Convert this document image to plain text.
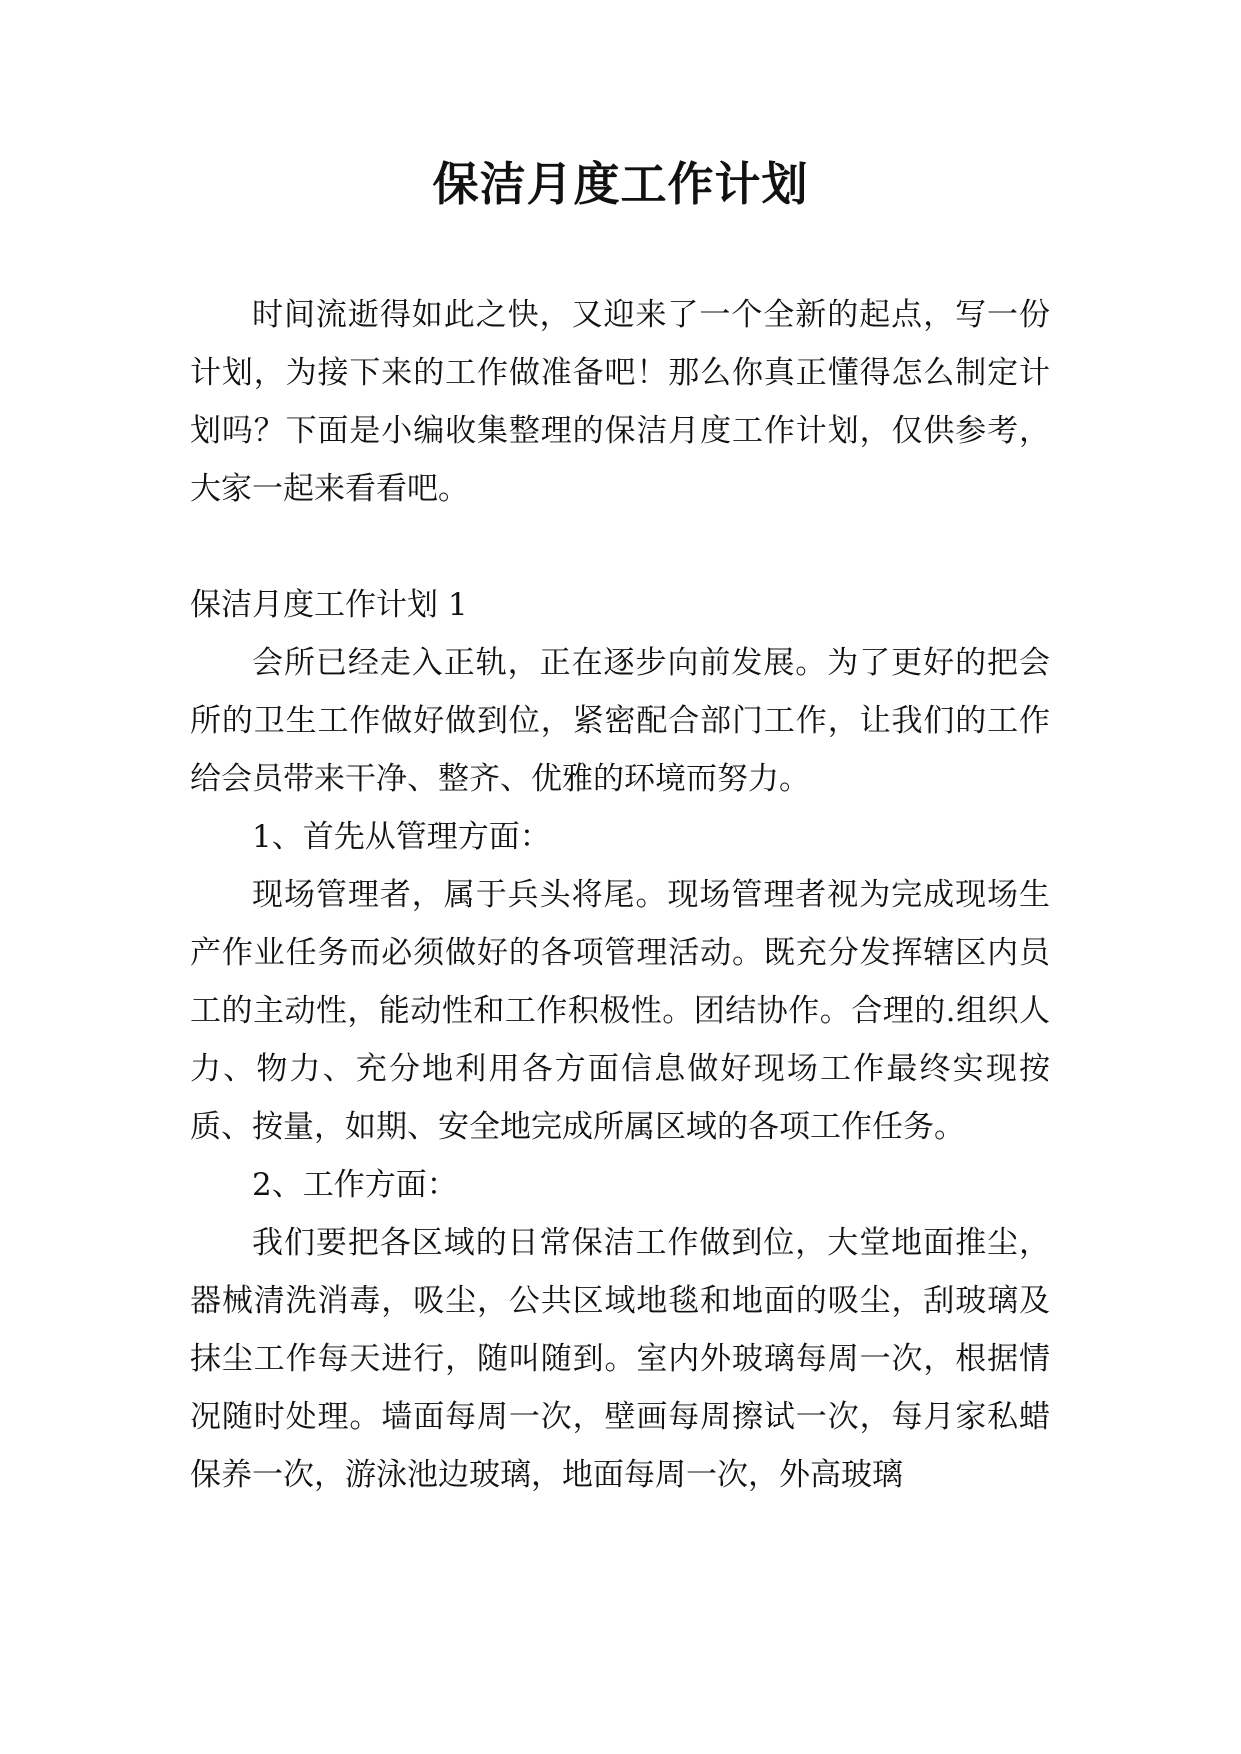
保洁月度工作计划

时间流逝得如此之快，又迎来了一个全新的起点，写一份计划，为接下来的工作做准备吧！那么你真正懂得怎么制定计划吗？下面是小编收集整理的保洁月度工作计划，仅供参考，大家一起来看看吧。

保洁月度工作计划 1

会所已经走入正轨，正在逐步向前发展。为了更好的把会所的卫生工作做好做到位，紧密配合部门工作，让我们的工作给会员带来干净、整齐、优雅的环境而努力。

1、首先从管理方面：

现场管理者，属于兵头将尾。现场管理者视为完成现场生产作业任务而必须做好的各项管理活动。既充分发挥辖区内员工的主动性，能动性和工作积极性。团结协作。合理的.组织人力、物力、充分地利用各方面信息做好现场工作最终实现按质、按量，如期、安全地完成所属区域的各项工作任务。

2、工作方面：

我们要把各区域的日常保洁工作做到位，大堂地面推尘，器械清洗消毒，吸尘，公共区域地毯和地面的吸尘，刮玻璃及抹尘工作每天进行，随叫随到。室内外玻璃每周一次，根据情况随时处理。墙面每周一次，壁画每周擦试一次，每月家私蜡保养一次，游泳池边玻璃，地面每周一次，外高玻璃
